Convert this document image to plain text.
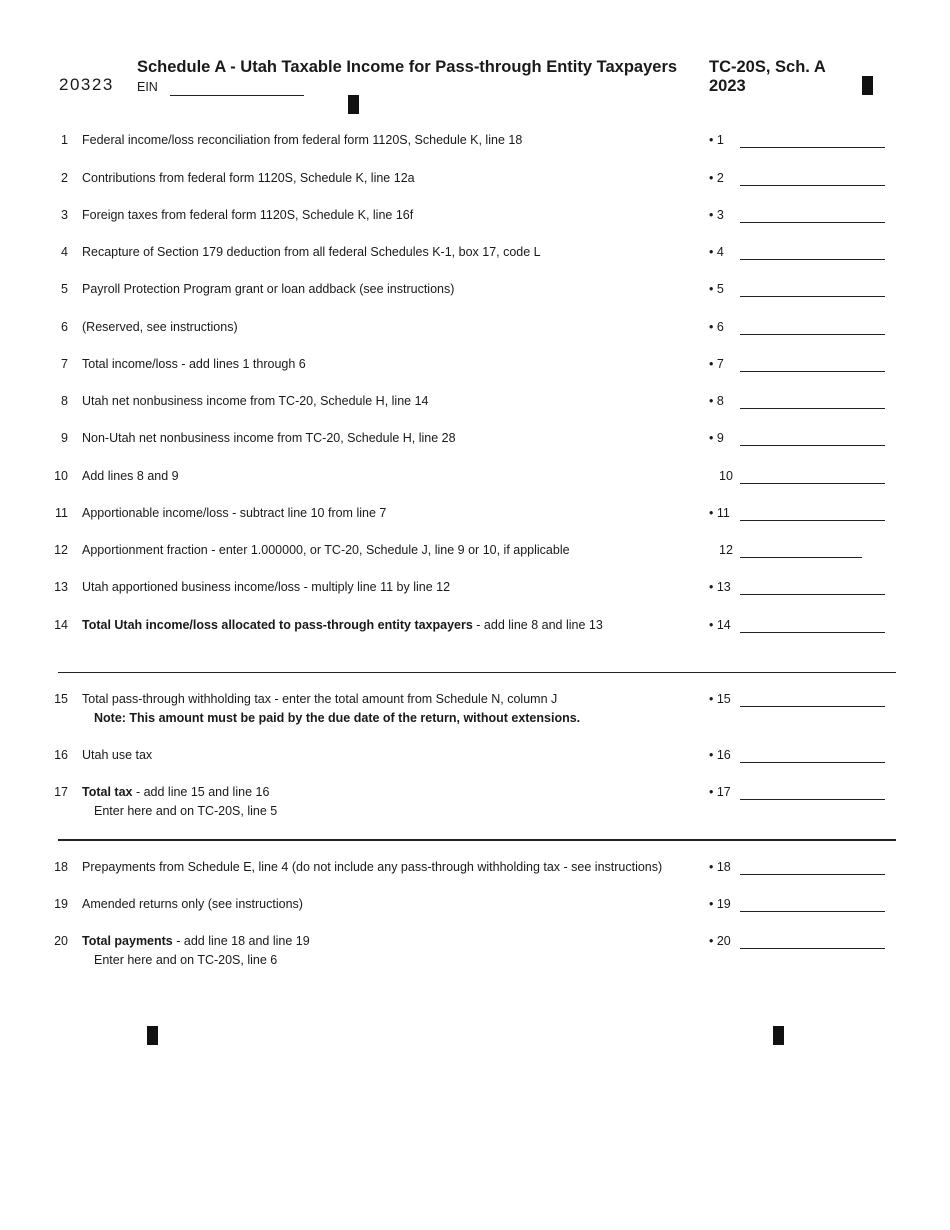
20323
Schedule A - Utah Taxable Income for Pass-through Entity Taxpayers
EIN
TC-20S, Sch. A
2023
1 Federal income/loss reconciliation from federal form 1120S, Schedule K, line 18	• 1
2 Contributions from federal form 1120S, Schedule K, line 12a	• 2
3 Foreign taxes from federal form 1120S, Schedule K, line 16f	• 3
4 Recapture of Section 179 deduction from all federal Schedules K-1, box 17, code L	• 4
5 Payroll Protection Program grant or loan addback (see instructions)	• 5
6 (Reserved, see instructions)	• 6
7 Total income/loss - add lines 1 through 6	• 7
8 Utah net nonbusiness income from TC-20, Schedule H, line 14	• 8
9 Non-Utah net nonbusiness income from TC-20, Schedule H, line 28	• 9
10 Add lines 8 and 9	10
11 Apportionable income/loss - subtract line 10 from line 7	• 11
12 Apportionment fraction - enter 1.000000, or TC-20, Schedule J, line 9 or 10, if applicable	12
13 Utah apportioned business income/loss - multiply line 11 by line 12	• 13
14 Total Utah income/loss allocated to pass-through entity taxpayers - add line 8 and line 13	• 14
15 Total pass-through withholding tax - enter the total amount from Schedule N, column J
Note: This amount must be paid by the due date of the return, without extensions.
• 15
16 Utah use tax	• 16
17 Total tax - add line 15 and line 16
Enter here and on TC-20S, line 5
• 17
18 Prepayments from Schedule E, line 4 (do not include any pass-through withholding tax - see instructions)	• 18
19 Amended returns only (see instructions)	• 19
20 Total payments - add line 18 and line 19
Enter here and on TC-20S, line 6
• 20
